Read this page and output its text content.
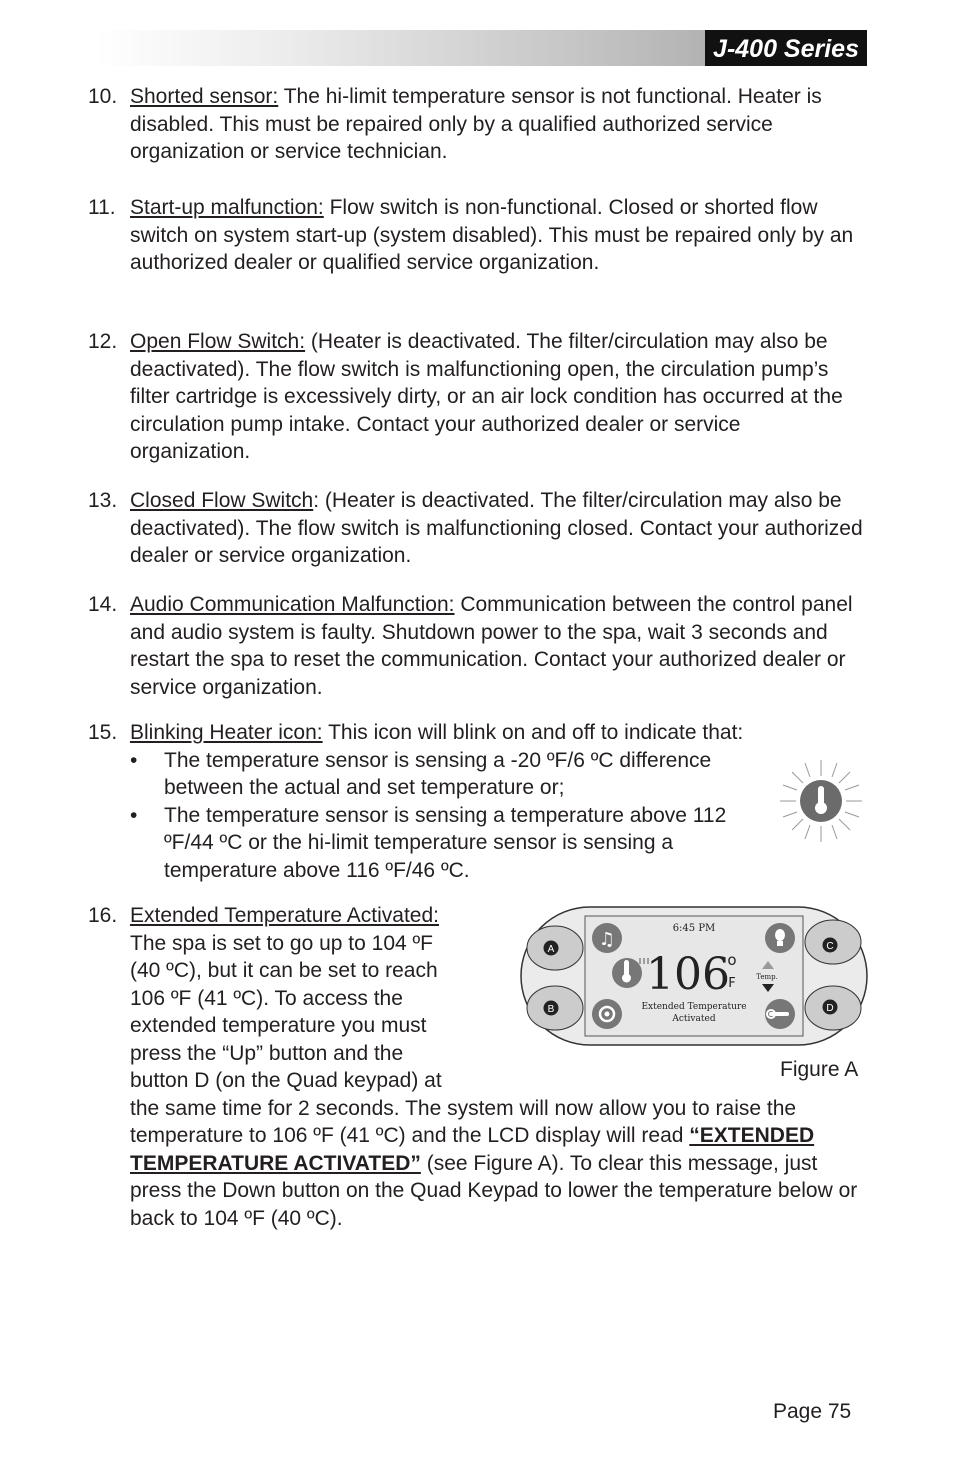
J-400 Series
10. Shorted sensor: The hi-limit temperature sensor is not functional. Heater is disabled. This must be repaired only by a qualified authorized service organization or service technician.
11. Start-up malfunction: Flow switch is non-functional. Closed or shorted flow switch on system start-up (system disabled). This must be repaired only by an authorized dealer or qualified service organization.
12. Open Flow Switch: (Heater is deactivated. The filter/circulation may also be deactivated). The flow switch is malfunctioning open, the circulation pump’s filter cartridge is excessively dirty, or an air lock condition has occurred at the circulation pump intake. Contact your authorized dealer or service organization.
13. Closed Flow Switch: (Heater is deactivated. The filter/circulation may also be deactivated). The flow switch is malfunctioning closed. Contact your authorized dealer or service organization.
14. Audio Communication Malfunction: Communication between the control panel and audio system is faulty. Shutdown power to the spa, wait 3 seconds and restart the spa to reset the communication. Contact your authorized dealer or service organization.
15. Blinking Heater icon: This icon will blink on and off to indicate that:
• The temperature sensor is sensing a -20 ºF/6 ºC difference between the actual and set temperature or;
• The temperature sensor is sensing a temperature above 112 ºF/44 ºC or the hi-limit temperature sensor is sensing a temperature above 116 ºF/46 ºC.
16. Extended Temperature Activated: The spa is set to go up to 104 ºF (40 ºC), but it can be set to reach 106 ºF (41 ºC). To access the extended temperature you must press the “Up” button and the button D (on the Quad keypad) at the same time for 2 seconds. The system will now allow you to raise the temperature to 106 ºF (41 ºC) and the LCD display will read “EXTENDED TEMPERATURE ACTIVATED” (see Figure A). To clear this message, just press the Down button on the Quad Keypad to lower the temperature below or back to 104 ºF (40 ºC).
A
B
C
D
♫
6:45 PM
106
o
F	Temp.
Extended Temperature
Activated
Figure A
Page 75
